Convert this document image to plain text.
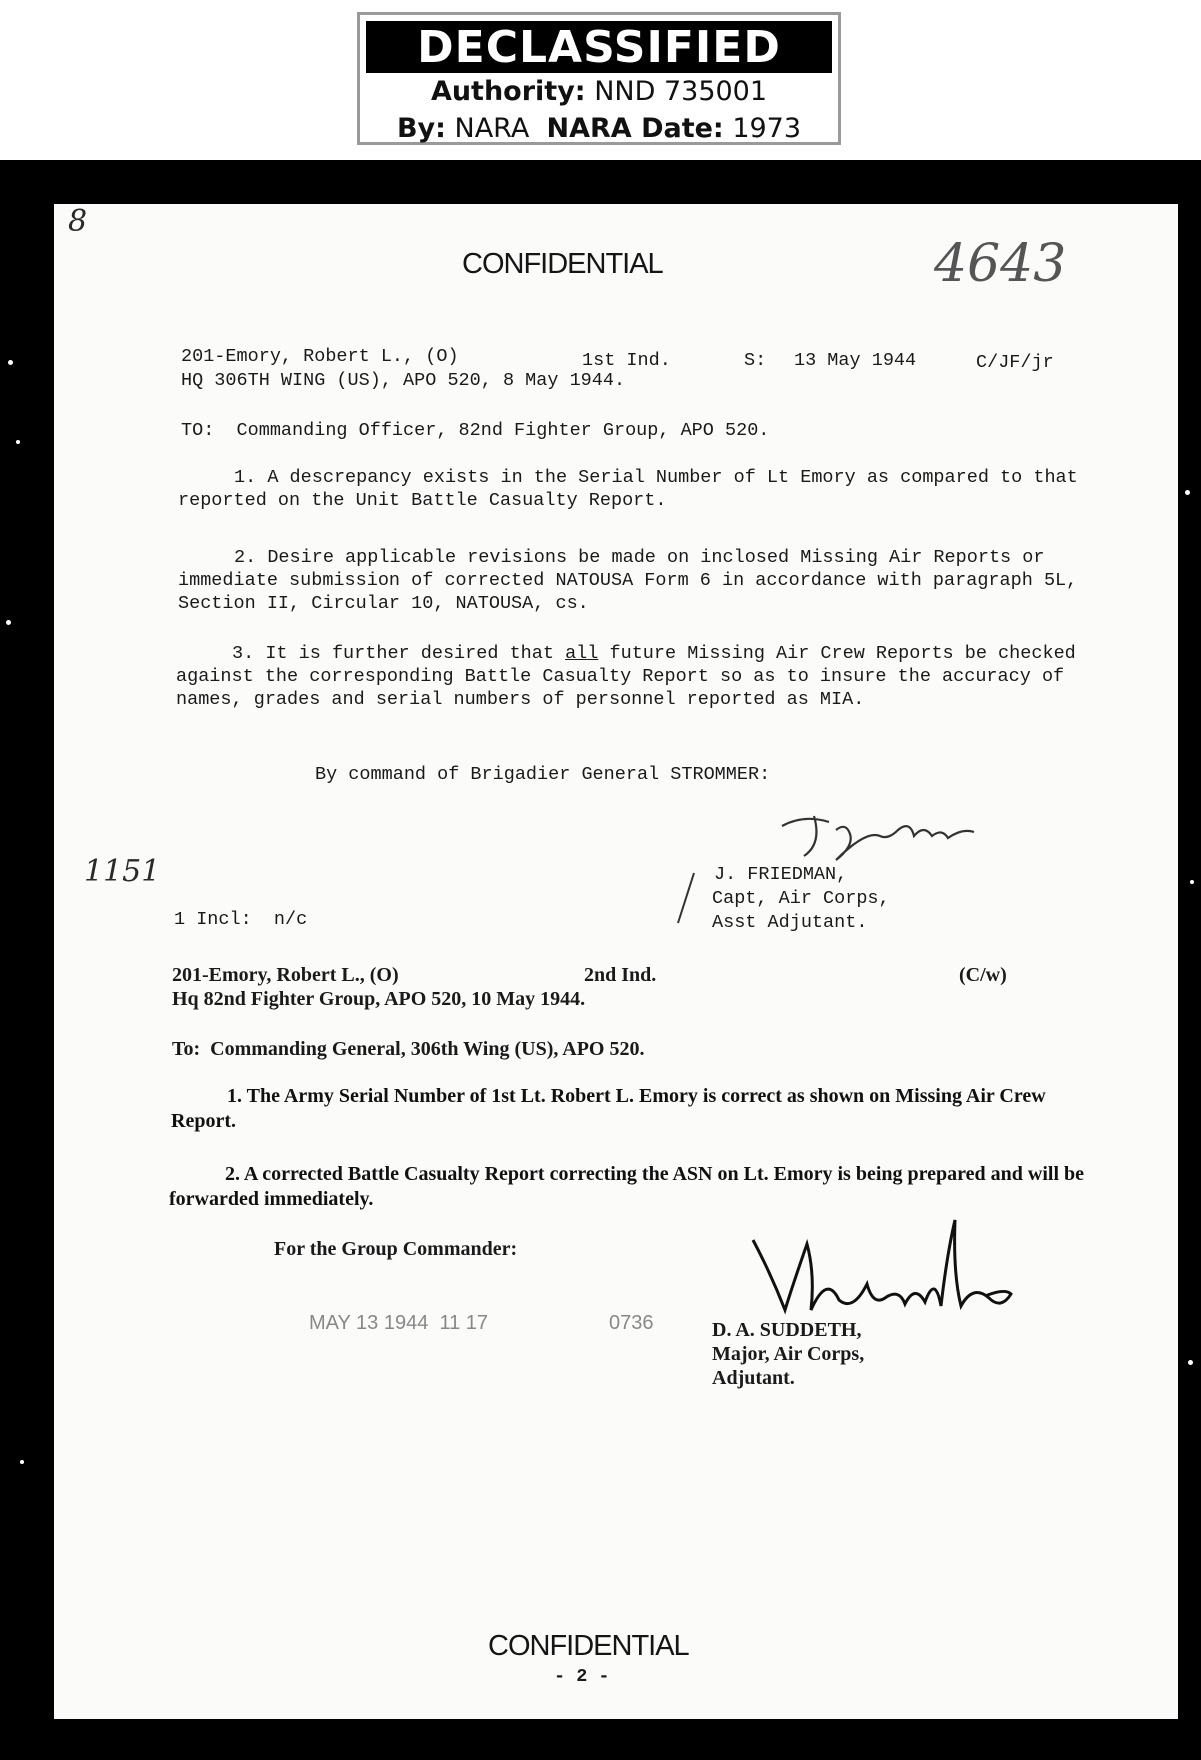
DECLASSIFIED
Authority: NND 735001
By: NARA NARA Date: 1973
8
4643
CONFIDENTIAL
201-Emory, Robert L., (O)	1st Ind.	S: 13 May 1944	C/JF/jr
HQ 306TH WING (US), APO 520, 8 May 1944.
TO:  Commanding Officer, 82nd Fighter Group, APO 520.
1. A descrepancy exists in the Serial Number of Lt Emory as compared to that reported on the Unit Battle Casualty Report.
2. Desire applicable revisions be made on inclosed Missing Air Reports or immediate submission of corrected NATOUSA Form 6 in accordance with paragraph 5L, Section II, Circular 10, NATOUSA, cs.
3. It is further desired that all future Missing Air Crew Reports be checked against the corresponding Battle Casualty Report so as to insure the accuracy of names, grades and serial numbers of personnel reported as MIA.
By command of Brigadier General STROMMER:
J. FRIEDMAN,
Capt, Air Corps,
Asst Adjutant.
1151
1 Incl:  n/c
201-Emory, Robert L., (O)	2nd Ind.	(C/w)
Hq 82nd Fighter Group, APO 520, 10 May 1944.
To:  Commanding General, 306th Wing (US), APO 520.
1. The Army Serial Number of 1st Lt. Robert L. Emory is correct as shown on Missing Air Crew Report.
2. A corrected Battle Casualty Report correcting the ASN on Lt. Emory is being prepared and will be forwarded immediately.
For the Group Commander:
MAY 13 1944  11 17	0736	D. A. SUDDETH,
Major, Air Corps,
Adjutant.
CONFIDENTIAL
- 2 -
